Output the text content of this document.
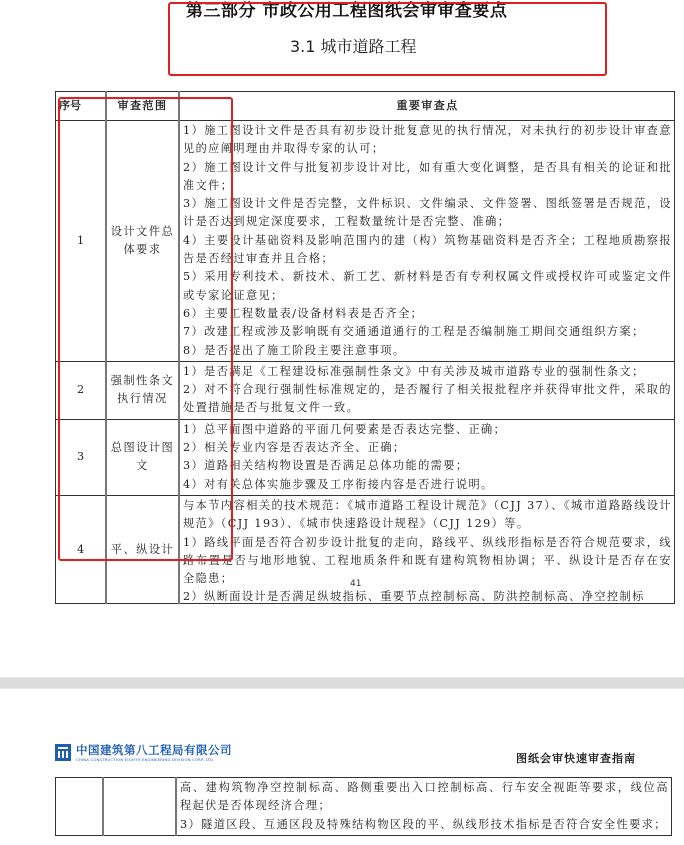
第三部分 市政公用工程图纸会审审查要点
3.1 城市道路工程
序号	审查范围	重要审查点
1	设计文件总体要求	
1）施工图设计文件是否具有初步设计批复意见的执行情况，对未执行的初步设计审查意见的应阐明理由并取得专家的认可；
2）施工图设计文件与批复初步设计对比，如有重大变化调整，是否具有相关的论证和批准文件；
3）施工图设计文件是否完整，文件标识、文件编录、文件签署、图纸签署是否规范，设计是否达到规定深度要求，工程数量统计是否完整、准确；
4）主要设计基础资料及影响范围内的建（构）筑物基础资料是否齐全；工程地质勘察报告是否经过审查并且合格；
5）采用专利技术、新技术、新工艺、新材料是否有专利权属文件或授权许可或鉴定文件或专家论证意见；
6）主要工程数量表/设备材料表是否齐全；
7）改建工程或涉及影响既有交通通道通行的工程是否编制施工期间交通组织方案；
8）是否提出了施工阶段主要注意事项。

2	强制性条文执行情况	1）是否满足《工程建设标准强制性条文》中有关涉及城市道路专业的强制性条文；
2）对不符合现行强制性标准规定的，是否履行了相关报批程序并获得审批文件，采取的处置措施是否与批复文件一致。

3	总图设计图文	1）总平面图中道路的平面几何要素是否表达完整、正确；
2）相关专业内容是否表达齐全、正确；
3）道路相关结构物设置是否满足总体功能的需要；
4）对有关总体实施步骤及工序衔接内容是否进行说明。

4	平、纵设计	与本节内容相关的技术规范：《城市道路工程设计规范》（CJJ 37）、《城市道路路线设计规范》（CJJ 193）、《城市快速路设计规程》（CJJ 129）等。
1）路线平面是否符合初步设计批复的走向，路线平、纵线形指标是否符合规范要求，线路布置是否与地形地貌、工程地质条件和既有建构筑物相协调；平、纵设计是否存在安全隐患；
2）纵断面设计是否满足纵坡指标、重要节点控制标高、防洪控制标高、净空控制标
41
中国建筑第八工程局有限公司
CHINA CONSTRUCTION EIGHTH ENGINEERING DIVISION CORP.,LTD	图纸会审快速审查指南

高、建构筑物净空控制标高、路侧重要出入口控制标高、行车安全视距等要求，线位高程起伏是否体现经济合理；
3）隧道区段、互通区段及特殊结构物区段的平、纵线形技术指标是否符合安全性要求；
